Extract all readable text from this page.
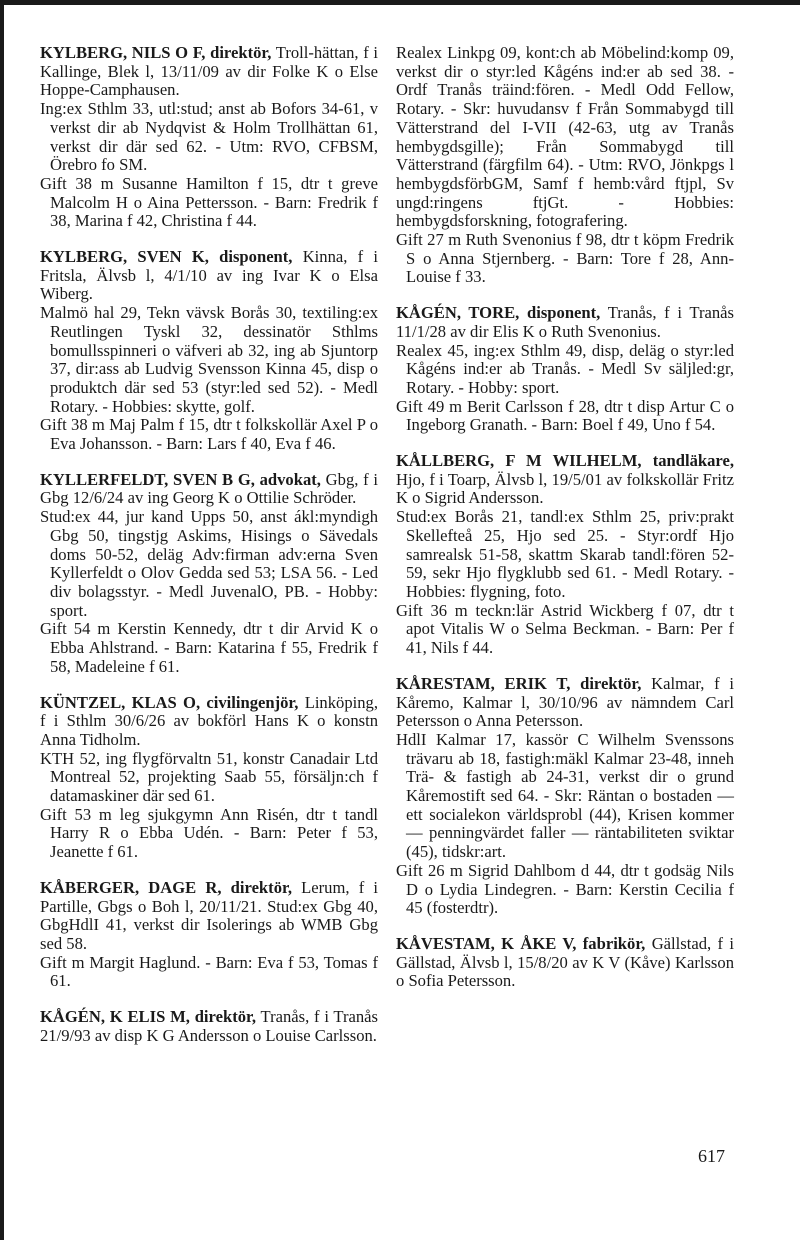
KYLBERG, NILS O F, direktör, Troll-hättan, f i Kallinge, Blek l, 13/11/09 av dir Folke K o Else Hoppe-Camphausen.

Ing:ex Sthlm 33, utl:stud; anst ab Bofors 34-61, v verkst dir ab Nydqvist & Holm Trollhättan 61, verkst dir där sed 62. - Utm: RVO, CFBSM, Örebro fo SM.

Gift 38 m Susanne Hamilton f 15, dtr t greve Malcolm H o Aina Pettersson. - Barn: Fredrik f 38, Marina f 42, Christina f 44.

KYLBERG, SVEN K, disponent, Kinna, f i Fritsla, Älvsb l, 4/1/10 av ing Ivar K o Elsa Wiberg.

Malmö hal 29, Tekn vävsk Borås 30, textiling:ex Reutlingen Tyskl 32, dessinatör Sthlms bomullsspinneri o väfveri ab 32, ing ab Sjuntorp 37, dir:ass ab Ludvig Svensson Kinna 45, disp o produktch där sed 53 (styr:led sed 52). - Medl Rotary. - Hobbies: skytte, golf.

Gift 38 m Maj Palm f 15, dtr t folkskollär Axel P o Eva Johansson. - Barn: Lars f 40, Eva f 46.

KYLLERFELDT, SVEN B G, advokat, Gbg, f i Gbg 12/6/24 av ing Georg K o Ottilie Schröder.

Stud:ex 44, jur kand Upps 50, anst ákl:myndigh Gbg 50, tingstjg Askims, Hisings o Sävedals doms 50-52, deläg Adv:firman adv:erna Sven Kyllerfeldt o Olov Gedda sed 53; LSA 56. - Led div bolagsstyr. - Medl JuvenalO, PB. - Hobby: sport.

Gift 54 m Kerstin Kennedy, dtr t dir Arvid K o Ebba Ahlstrand. - Barn: Katarina f 55, Fredrik f 58, Madeleine f 61.

KÜNTZEL, KLAS O, civilingenjör, Linköping, f i Sthlm 30/6/26 av bokförl Hans K o konstn Anna Tidholm.

KTH 52, ing flygförvaltn 51, konstr Canadair Ltd Montreal 52, projekting Saab 55, försäljn:ch f datamaskiner där sed 61.

Gift 53 m leg sjukgymn Ann Risén, dtr t tandl Harry R o Ebba Udén. - Barn: Peter f 53, Jeanette f 61.

KÅBERGER, DAGE R, direktör, Lerum, f i Partille, Gbgs o Boh l, 20/11/21. Stud:ex Gbg 40, GbgHdlI 41, verkst dir Isolerings ab WMB Gbg sed 58.

Gift m Margit Haglund. - Barn: Eva f 53, Tomas f 61.

KÅGÉN, K ELIS M, direktör, Tranås, f i Tranås 21/9/93 av disp K G Andersson o Louise Carlsson.

Realex Linkpg 09, kont:ch ab Möbelind:komp 09, verkst dir o styr:led Kågéns ind:er ab sed 38. - Ordf Tranås träind:fören. - Medl Odd Fellow, Rotary. - Skr: huvudansv f Från Sommabygd till Vätterstrand del I-VII (42-63, utg av Tranås hembygdsgille); Från Sommabygd till Vätterstrand (färgfilm 64). - Utm: RVO, Jönkpgs l hembygdsförbGM, Samf f hemb:vård ftjpl, Sv ungd:ringens ftjGt. - Hobbies: hembygdsforskning, fotografering.

Gift 27 m Ruth Svenonius f 98, dtr t köpm Fredrik S o Anna Stjernberg. - Barn: Tore f 28, Ann-Louise f 33.

KÅGÉN, TORE, disponent, Tranås, f i Tranås 11/1/28 av dir Elis K o Ruth Svenonius.

Realex 45, ing:ex Sthlm 49, disp, deläg o styr:led Kågéns ind:er ab Tranås. - Medl Sv säljled:gr, Rotary. - Hobby: sport.

Gift 49 m Berit Carlsson f 28, dtr t disp Artur C o Ingeborg Granath. - Barn: Boel f 49, Uno f 54.

KÅLLBERG, F M WILHELM, tandläkare, Hjo, f i Toarp, Älvsb l, 19/5/01 av folkskollär Fritz K o Sigrid Andersson.

Stud:ex Borås 21, tandl:ex Sthlm 25, priv:prakt Skellefteå 25, Hjo sed 25. - Styr:ordf Hjo samrealsk 51-58, skattm Skarab tandl:fören 52-59, sekr Hjo flygklubb sed 61. - Medl Rotary. - Hobbies: flygning, foto.

Gift 36 m teckn:lär Astrid Wickberg f 07, dtr t apot Vitalis W o Selma Beckman. - Barn: Per f 41, Nils f 44.

KÅRESTAM, ERIK T, direktör, Kalmar, f i Kåremo, Kalmar l, 30/10/96 av nämndem Carl Petersson o Anna Petersson.

HdlI Kalmar 17, kassör C Wilhelm Svenssons trävaru ab 18, fastigh:mäkl Kalmar 23-48, inneh Trä- & fastigh ab 24-31, verkst dir o grund Kåremostift sed 64. - Skr: Räntan o bostaden — ett socialekon världsprobl (44), Krisen kommer — penningvärdet faller — räntabiliteten sviktar (45), tidskr:art.

Gift 26 m Sigrid Dahlbom d 44, dtr t godsäg Nils D o Lydia Lindegren. - Barn: Kerstin Cecilia f 45 (fosterdtr).

KÅVESTAM, K ÅKE V, fabrikör, Gällstad, f i Gällstad, Älvsb l, 15/8/20 av K V (Kåve) Karlsson o Sofia Petersson.

617
